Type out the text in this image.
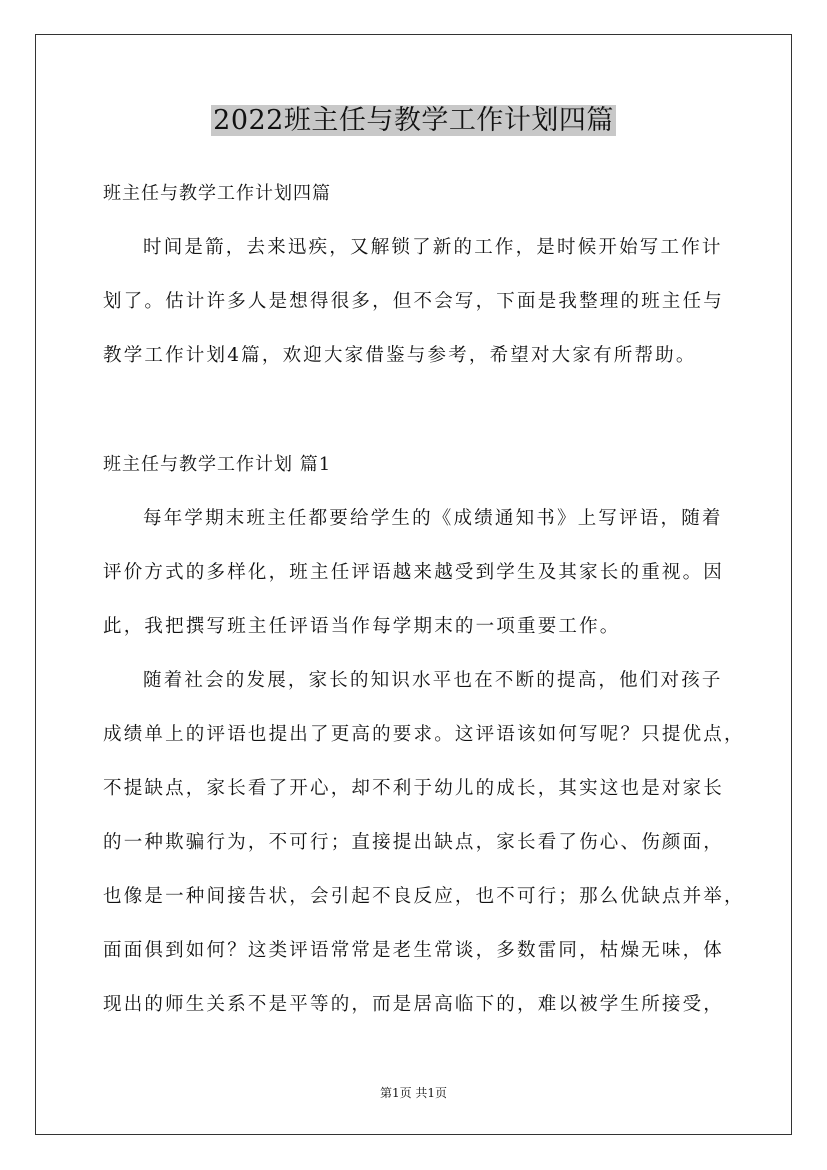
2022班主任与教学工作计划四篇
班主任与教学工作计划四篇
时间是箭，去来迅疾，又解锁了新的工作，是时候开始写工作计
划了。估计许多人是想得很多，但不会写，下面是我整理的班主任与
教学工作计划4篇，欢迎大家借鉴与参考，希望对大家有所帮助。
班主任与教学工作计划 篇1
每年学期末班主任都要给学生的《成绩通知书》上写评语，随着
评价方式的多样化，班主任评语越来越受到学生及其家长的重视。因
此，我把撰写班主任评语当作每学期末的一项重要工作。
随着社会的发展，家长的知识水平也在不断的提高，他们对孩子
成绩单上的评语也提出了更高的要求。这评语该如何写呢？只提优点，
不提缺点，家长看了开心，却不利于幼儿的成长，其实这也是对家长
的一种欺骗行为，不可行；直接提出缺点，家长看了伤心、伤颜面，
也像是一种间接告状，会引起不良反应，也不可行；那么优缺点并举，
面面俱到如何？这类评语常常是老生常谈，多数雷同，枯燥无味，体
现出的师生关系不是平等的，而是居高临下的，难以被学生所接受，
第1页 共1页
